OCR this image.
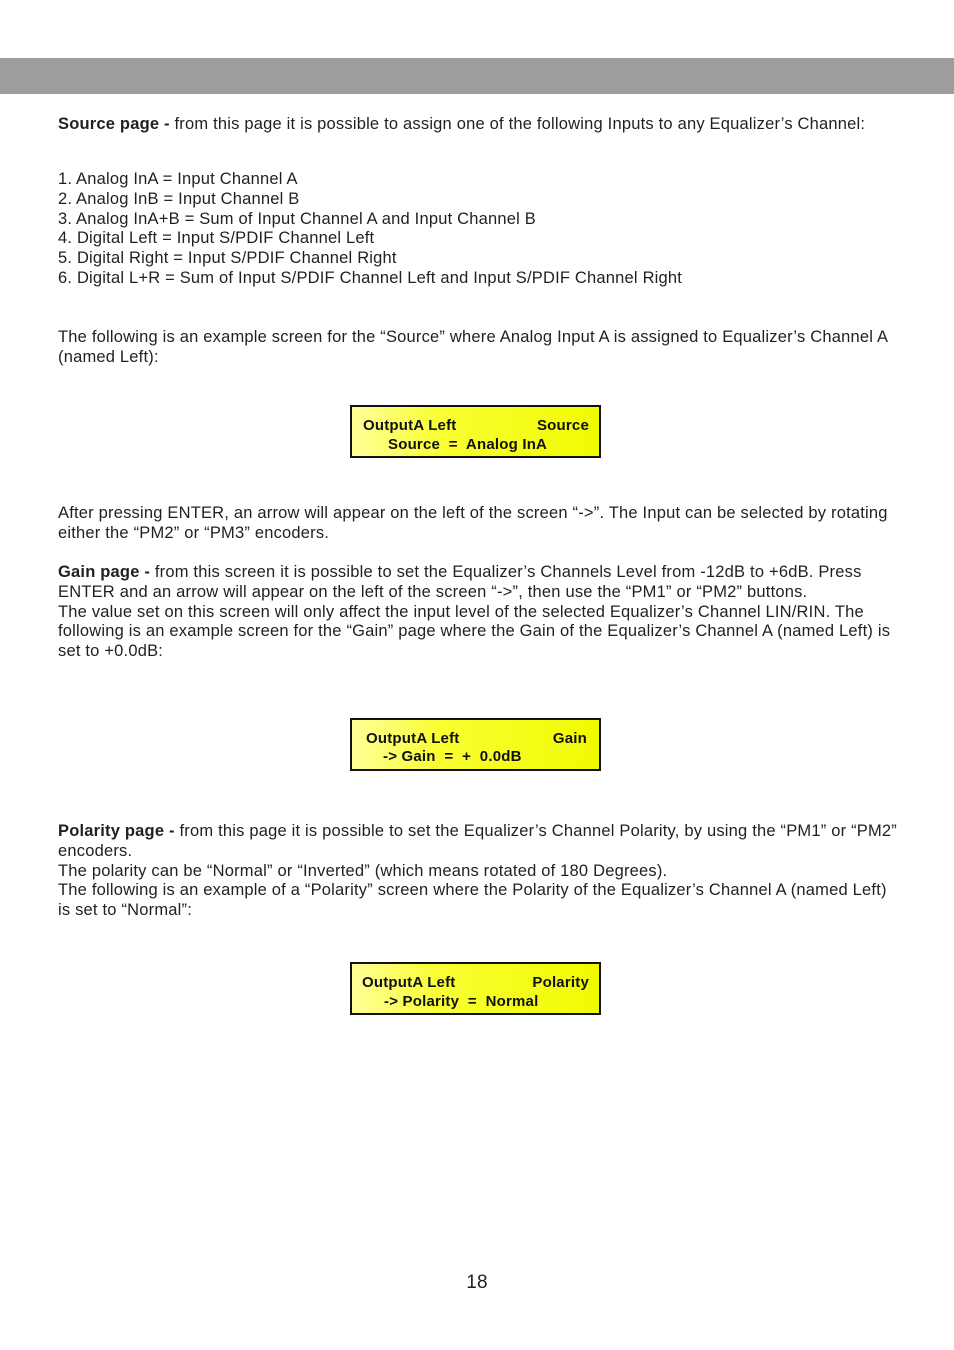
Source page - from this page it is possible to assign one of the following Inputs to any Equalizer’s Channel:

1. Analog InA = Input Channel A

2. Analog InB = Input Channel B

3. Analog InA+B = Sum of Input Channel A and Input Channel B

4. Digital Left = Input S/PDIF Channel Left

5. Digital Right = Input S/PDIF Channel Right

6. Digital L+R = Sum of Input S/PDIF Channel Left and Input S/PDIF Channel Right

The following is an example screen for the “Source” where Analog Input A is assigned to Equalizer’s Channel A (named Left):

OutputA Left	Source
Source  =  Analog InA

After pressing ENTER, an arrow will appear on the left of the screen “->”. The Input can be selected by rotating either the “PM2” or “PM3” encoders.

Gain page - from this screen it is possible to set the Equalizer’s Channels Level from -12dB to +6dB. Press ENTER and an arrow will appear on the left of the screen “->”, then use the “PM1” or “PM2” buttons.

The value set on this screen will only affect the input level of the selected Equalizer’s Channel LIN/RIN. The following is an example screen for the “Gain” page where the Gain of the Equalizer’s Channel A (named Left) is set to +0.0dB:

OutputA Left	Gain
-> Gain  =  +  0.0dB

Polarity page - from this page it is possible to set the Equalizer’s Channel Polarity, by using the “PM1” or “PM2” encoders.

The polarity can be “Normal” or “Inverted” (which means rotated of 180 Degrees).

The following is an example of a “Polarity” screen where the Polarity of the Equalizer’s Channel A (named Left) is set to “Normal”:

OutputA Left	Polarity
-> Polarity  =  Normal
18
